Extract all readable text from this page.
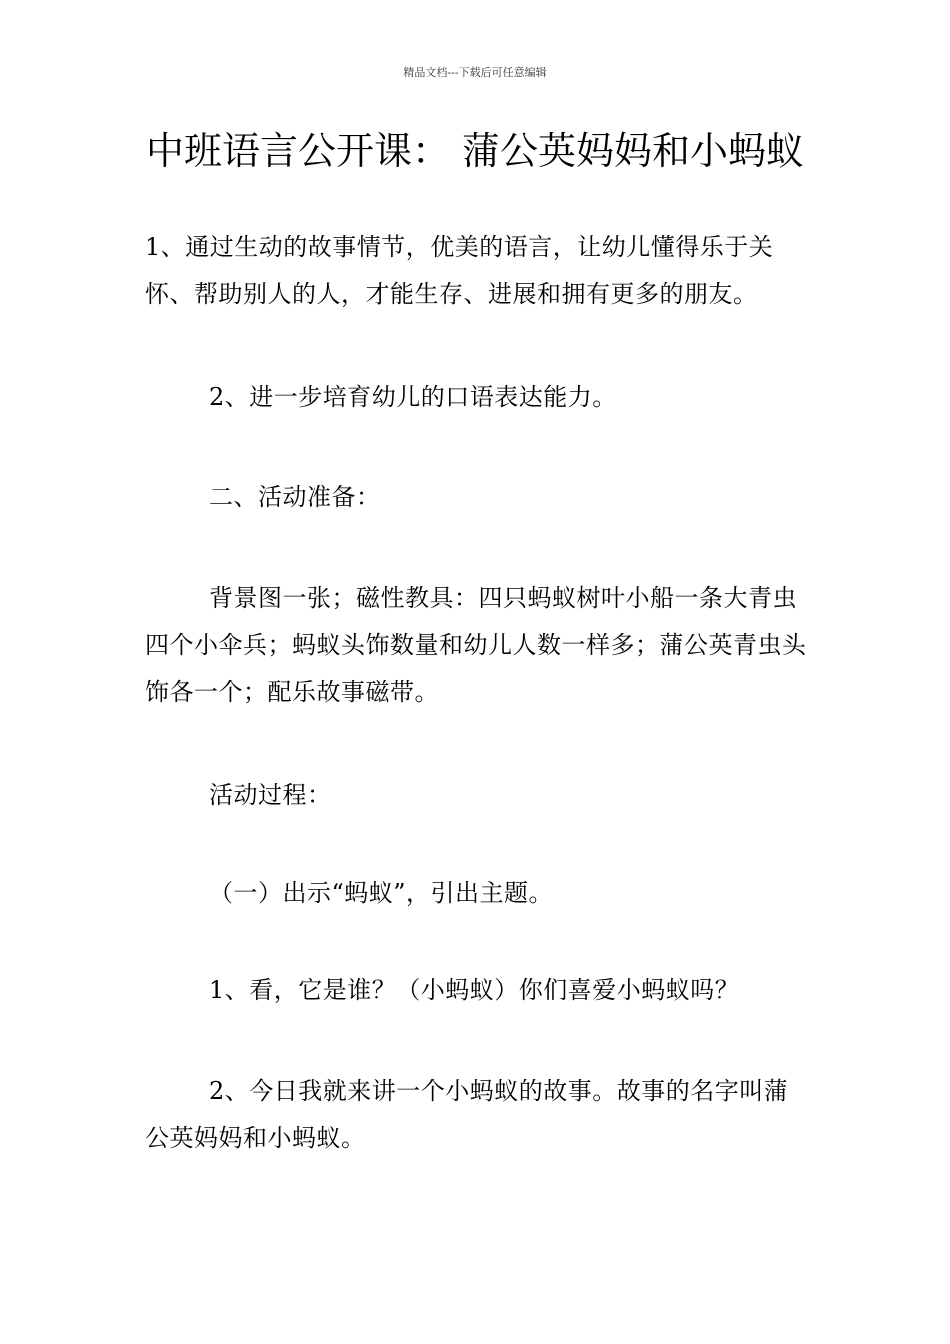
精品文档---下载后可任意编辑
中班语言公开课： 蒲公英妈妈和小蚂蚁

1、通过生动的故事情节，优美的语言，让幼儿懂得乐于关怀、帮助别人的人，才能生存、进展和拥有更多的朋友。

2、进一步培育幼儿的口语表达能力。

二、活动准备：

背景图一张；磁性教具：四只蚂蚁树叶小船一条大青虫四个小伞兵；蚂蚁头饰数量和幼儿人数一样多；蒲公英青虫头饰各一个；配乐故事磁带。

活动过程：

（一）出示“蚂蚁”，引出主题。

1、看，它是谁？（小蚂蚁）你们喜爱小蚂蚁吗？

2、今日我就来讲一个小蚂蚁的故事。故事的名字叫蒲公英妈妈和小蚂蚁。
